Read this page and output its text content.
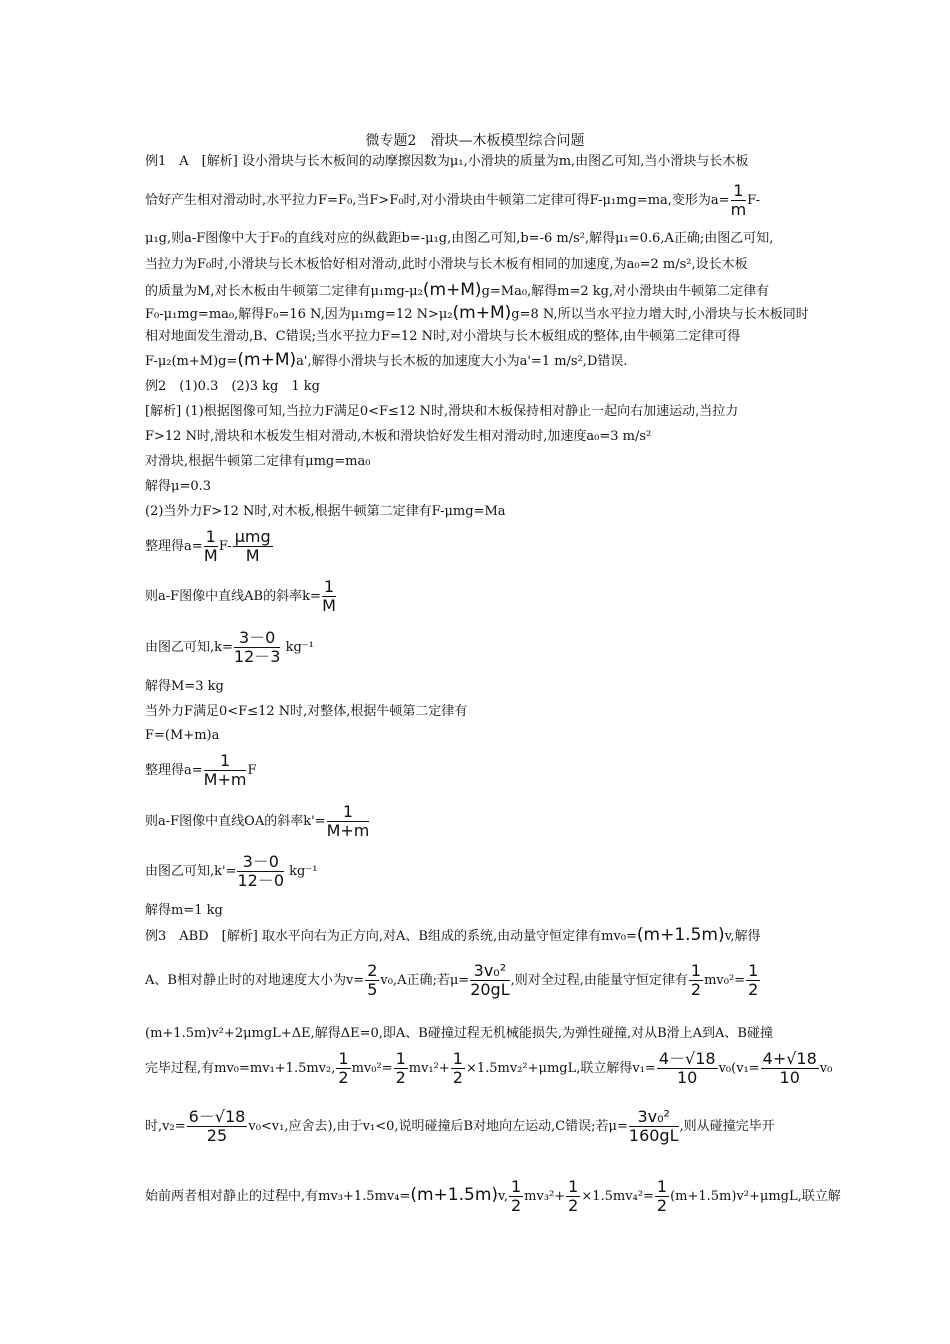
微专题2　滑块—木板模型综合问题
例1　A　[解析] 设小滑块与长木板间的动摩擦因数为μ₁,小滑块的质量为m,由图乙可知,当小滑块与长木板
恰好产生相对滑动时,水平拉力F=F₀,当F>F₀时,对小滑块由牛顿第二定律可得F-μ₁mg=ma,变形为$a= \frac{1}{m} F-$
μ₁g,则a-F图像中大于F₀的直线对应的纵截距b=-μ₁g,由图乙可知,b=-6 m/s²,解得μ₁=0.6,A正确;由图乙可知,
当拉力为F₀时,小滑块与长木板恰好相对滑动,此时小滑块与长木板有相同的加速度,为a₀=2 m/s²,设长木板
的质量为M,对长木板由牛顿第二定律有μ₁mg-μ₂(m+M)g=Ma₀,解得m=2 kg,对小滑块由牛顿第二定律有
F₀-μ₁mg=ma₀,解得F₀=16 N,因为μ₁mg=12 N>μ₂(m+M)g=8 N,所以当水平拉力增大时,小滑块与长木板同时
相对地面发生滑动,B、C错误;当水平拉力F=12 N时,对小滑块与长木板组成的整体,由牛顿第二定律可得
F-μ₂(m+M)g=(m+M)a',解得小滑块与长木板的加速度大小为a'=1 m/s²,D错误.
例2　(1)0.3　(2)3 kg　1 kg
[解析] (1)根据图像可知,当拉力F满足0<F≤12 N时,滑块和木板保持相对静止一起向右加速运动,当拉力
F>12 N时,滑块和木板发生相对滑动,木板和滑块恰好发生相对滑动时,加速度a₀=3 m/s²
对滑块,根据牛顿第二定律有μmg=ma₀
解得μ=0.3
(2)当外力F>12 N时,对木板,根据牛顿第二定律有F-μmg=Ma
整理得$a= \frac{1}{M} F-$
μmg
M
则a-F图像中直线AB的斜率$k= \frac{1}{M}$
由图乙可知$,k= \frac{3-0}{12-3} kg^{-1}$
解得M=3 kg
当外力F满足0<F≤12 N时,对整体,根据牛顿第二定律有
F=(M+m)a
整理得$a= \frac{1}{M+m}$ F
则a-F图像中直线OA的斜率$k'= \frac{1}{M+m}$
由图乙可知$,k'= \frac{3-0}{12-0} kg^{-1}$
解得m=1 kg
例3　ABD　[解析] 取水平向右为正方向,对A、B组成的系统,由动量守恒定律有mv₀=(m+1.5m)v,解得
A、B相对静止时的对地速度大小为$v= \frac{2}{5} v_0,A$正确;若$\mu= \frac{\text{3v₀²}}{20gL}$ ,则对全过程,由能量守恒定律有 $\frac{1}{2} mv_0^2= \frac{1}{2}$
(m+1.5m)v²+2μmgL+ΔE,解得ΔE=0,即A、B碰撞过程无机械能损失,为弹性碰撞,对从B滑上A到A、B碰撞
完毕过程,有mv₀=mv₁+1.5mv₂, $\frac{1}{2} mv_0^2= \frac{1}{2} mv_1^2+ \frac{1}{2} \times 1.5mv_2^2+\mu mgL$,联立解得$v_1= \frac{4-√18}{10} v_0(v_1= \frac{4+√18}{10} v_0$
时$,v_2= \frac{6-√18}{25} v_0<v_1$,应舍去),由于v₁<0,说明碰撞后B对地向左运动,C错误;若$\mu= \frac{\text{3v₀²}}{160gL}$ ,则从碰撞完毕开
始前两者相对静止的过程中,有mv₃+1.5mv₄=(m+1.5m)v, $\frac{1}{2} mv_3^2+ \frac{1}{2} \times 1.5mv_4^2= \frac{1}{2} (m+1.5m)v^2+\mu mgL$,联立解
